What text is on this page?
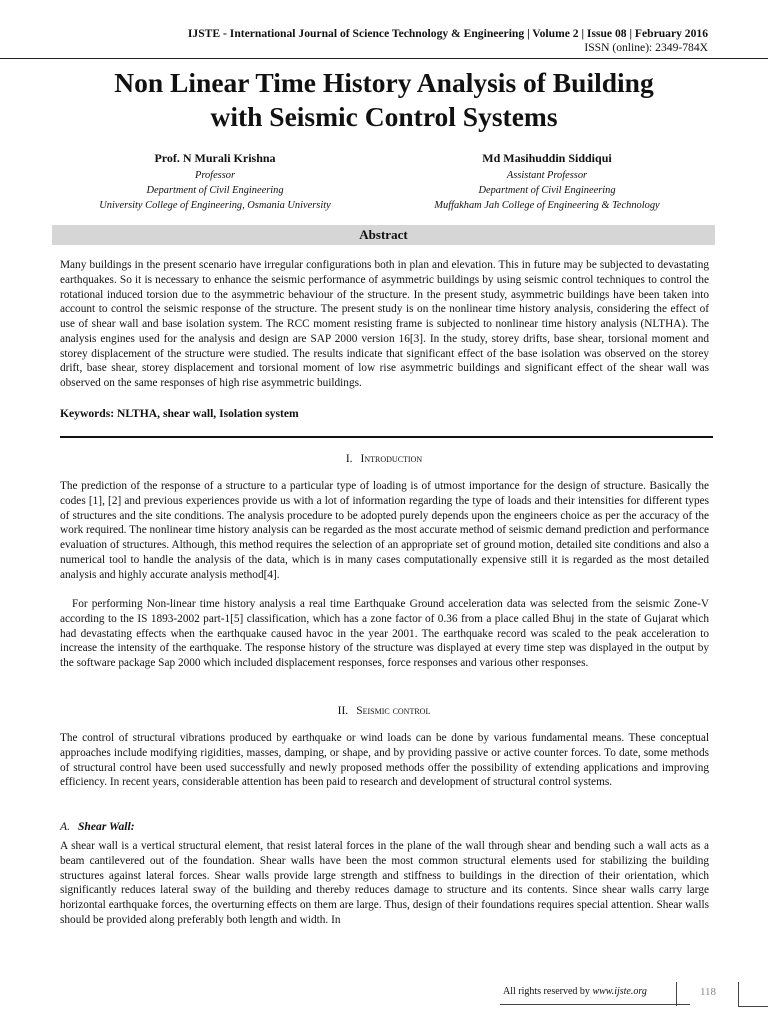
IJSTE - International Journal of Science Technology & Engineering | Volume 2 | Issue 08 | February 2016
ISSN (online): 2349-784X
Non Linear Time History Analysis of Building
with Seismic Control Systems
Prof. N Murali Krishna
Professor
Department of Civil Engineering
University College of Engineering, Osmania University
Md Masihuddin Siddiqui
Assistant Professor
Department of Civil Engineering
Muffakham Jah College of Engineering & Technology
Abstract
Many buildings in the present scenario have irregular configurations both in plan and elevation. This in future may be subjected to devastating earthquakes. So it is necessary to enhance the seismic performance of asymmetric buildings by using seismic control techniques to control the rotational induced torsion due to the asymmetric behaviour of the structure. In the present study, asymmetric buildings have been taken into account to control the seismic response of the structure. The present study is on the nonlinear time history analysis, considering the effect of use of shear wall and base isolation system. The RCC moment resisting frame is subjected to nonlinear time history analysis (NLTHA). The analysis engines used for the analysis and design are SAP 2000 version 16[3]. In the study, storey drifts, base shear, torsional moment and storey displacement of the structure were studied. The results indicate that significant effect of the base isolation was observed on the storey drift, base shear, storey displacement and torsional moment of low rise asymmetric buildings and significant effect of the shear wall was observed on the same responses of high rise asymmetric buildings.
Keywords: NLTHA, shear wall, Isolation system
I. Introduction
The prediction of the response of a structure to a particular type of loading is of utmost importance for the design of structure. Basically the codes [1], [2] and previous experiences provide us with a lot of information regarding the type of loads and their intensities for different types of structures and the site conditions. The analysis procedure to be adopted purely depends upon the engineers choice as per the accuracy of the work required. The nonlinear time history analysis can be regarded as the most accurate method of seismic demand prediction and performance evaluation of structures. Although, this method requires the selection of an appropriate set of ground motion, detailed site conditions and also a numerical tool to handle the analysis of the data, which is in many cases computationally expensive still it is regarded as the most detailed analysis and highly accurate analysis method[4].
For performing Non-linear time history analysis a real time Earthquake Ground acceleration data was selected from the seismic Zone-V according to the IS 1893-2002 part-1[5] classification, which has a zone factor of 0.36 from a place called Bhuj in the state of Gujarat which had devastating effects when the earthquake caused havoc in the year 2001. The earthquake record was scaled to the peak acceleration to increase the intensity of the earthquake. The response history of the structure was displayed at every time step was displayed in the output by the software package Sap 2000 which included displacement responses, force responses and various other responses.
II. Seismic control
The control of structural vibrations produced by earthquake or wind loads can be done by various fundamental means. These conceptual approaches include modifying rigidities, masses, damping, or shape, and by providing passive or active counter forces. To date, some methods of structural control have been used successfully and newly proposed methods offer the possibility of extending applications and improving efficiency. In recent years, considerable attention has been paid to research and development of structural control systems.
A. Shear Wall:
A shear wall is a vertical structural element, that resist lateral forces in the plane of the wall through shear and bending such a wall acts as a beam cantilevered out of the foundation. Shear walls have been the most common structural elements used for stabilizing the building structures against lateral forces. Shear walls provide large strength and stiffness to buildings in the direction of their orientation, which significantly reduces lateral sway of the building and thereby reduces damage to structure and its contents. Since shear walls carry large horizontal earthquake forces, the overturning effects on them are large. Thus, design of their foundations requires special attention. Shear walls should be provided along preferably both length and width. In
All rights reserved by www.ijste.org	118
